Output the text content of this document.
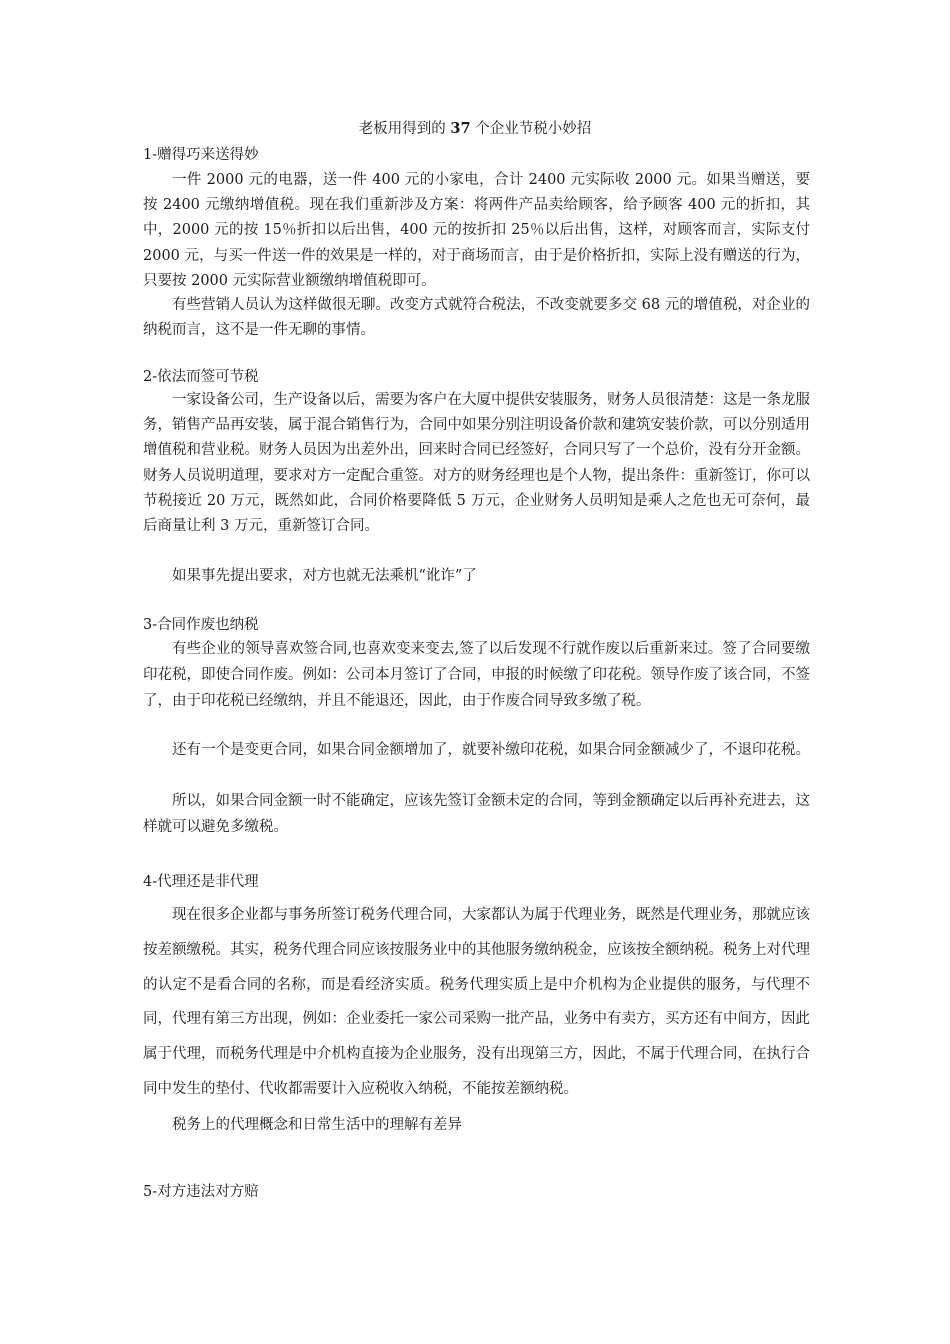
老板用得到的 37 个企业节税小妙招
1-赠得巧来送得妙

一件 2000 元的电器，送一件 400 元的小家电，合计 2400 元实际收 2000 元。如果当赠送，要按 2400 元缴纳增值税。现在我们重新涉及方案：将两件产品卖给顾客，给予顾客 400 元的折扣，其中，2000 元的按 15％折扣以后出售，400 元的按折扣 25％以后出售，这样，对顾客而言，实际支付 2000 元，与买一件送一件的效果是一样的，对于商场而言，由于是价格折扣，实际上没有赠送的行为，只要按 2000 元实际营业额缴纳增值税即可。

有些营销人员认为这样做很无聊。改变方式就符合税法，不改变就要多交 68 元的增值税，对企业的纳税而言，这不是一件无聊的事情。

2-依法而签可节税

一家设备公司，生产设备以后，需要为客户在大厦中提供安装服务，财务人员很清楚：这是一条龙服务，销售产品再安装，属于混合销售行为，合同中如果分别注明设备价款和建筑安装价款，可以分别适用增值税和营业税。财务人员因为出差外出，回来时合同已经签好，合同只写了一个总价，没有分开金额。财务人员说明道理，要求对方一定配合重签。对方的财务经理也是个人物，提出条件：重新签订，你可以节税接近 20 万元，既然如此，合同价格要降低 5 万元，企业财务人员明知是乘人之危也无可奈何，最后商量让利 3 万元，重新签订合同。

如果事先提出要求，对方也就无法乘机“讹诈”了

3-合同作废也纳税

有些企业的领导喜欢签合同,也喜欢变来变去,签了以后发现不行就作废以后重新来过。签了合同要缴印花税，即使合同作废。例如：公司本月签订了合同，申报的时候缴了印花税。领导作废了该合同，不签了，由于印花税已经缴纳，并且不能退还，因此，由于作废合同导致多缴了税。

还有一个是变更合同，如果合同金额增加了，就要补缴印花税，如果合同金额减少了，不退印花税。

所以，如果合同金额一时不能确定，应该先签订金额未定的合同，等到金额确定以后再补充进去，这样就可以避免多缴税。

4-代理还是非代理

现在很多企业都与事务所签订税务代理合同，大家都认为属于代理业务，既然是代理业务，那就应该按差额缴税。其实，税务代理合同应该按服务业中的其他服务缴纳税金，应该按全额纳税。税务上对代理的认定不是看合同的名称，而是看经济实质。税务代理实质上是中介机构为企业提供的服务，与代理不同，代理有第三方出现，例如：企业委托一家公司采购一批产品，业务中有卖方，买方还有中间方，因此属于代理，而税务代理是中介机构直接为企业服务，没有出现第三方，因此，不属于代理合同，在执行合同中发生的垫付、代收都需要计入应税收入纳税，不能按差额纳税。

税务上的代理概念和日常生活中的理解有差异

5-对方违法对方赔
